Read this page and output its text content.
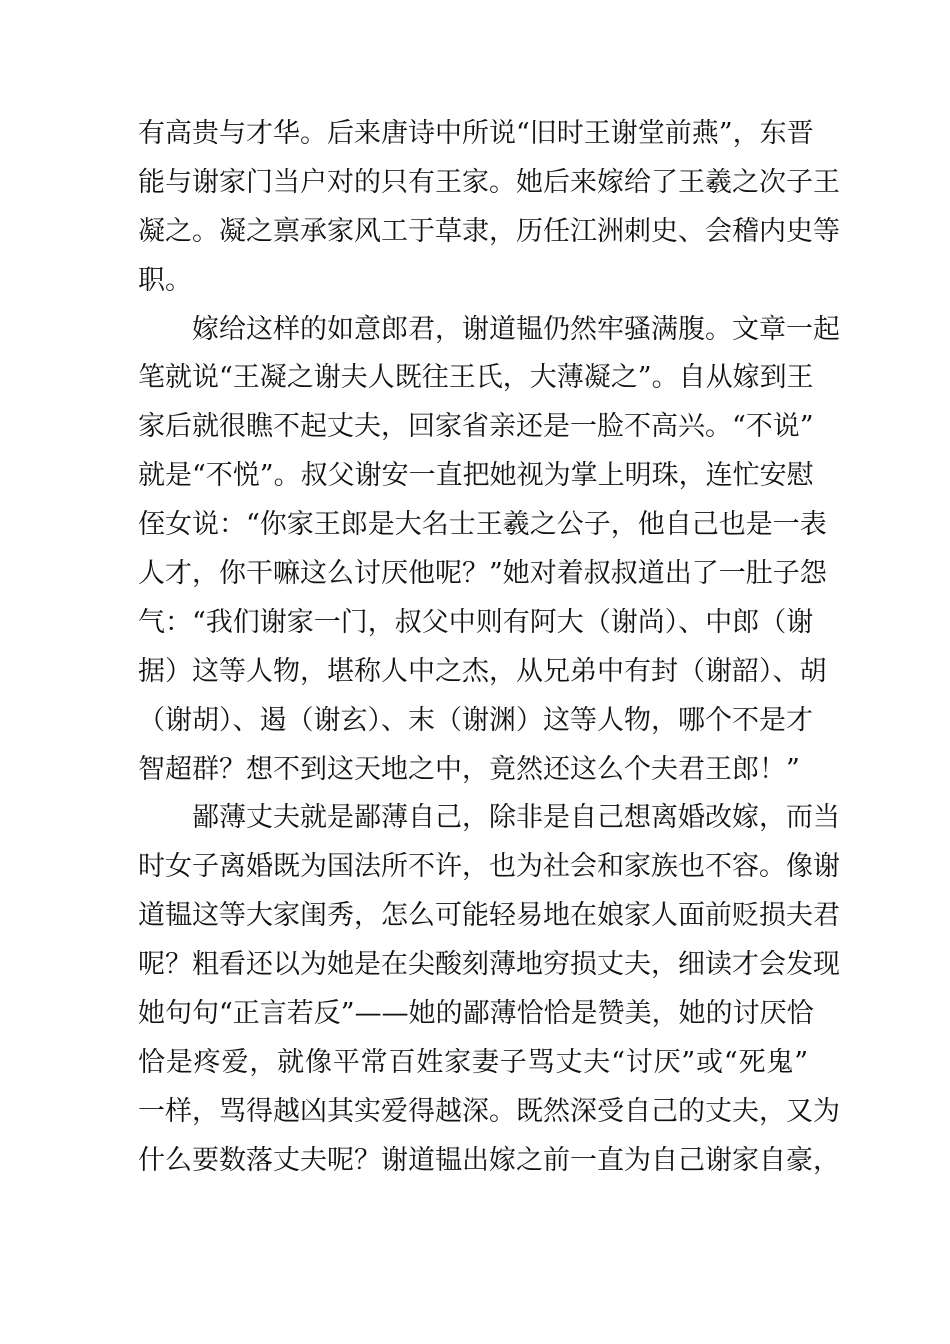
有高贵与才华。后来唐诗中所说“旧时王谢堂前燕”，东晋
能与谢家门当户对的只有王家。她后来嫁给了王羲之次子王
凝之。凝之禀承家风工于草隶，历任江洲刺史、会稽内史等
职。
嫁给这样的如意郎君，谢道韫仍然牢骚满腹。文章一起
笔就说“王凝之谢夫人既往王氏，大薄凝之”。自从嫁到王
家后就很瞧不起丈夫，回家省亲还是一脸不高兴。“不说”
就是“不悦”。叔父谢安一直把她视为掌上明珠，连忙安慰
侄女说：“你家王郎是大名士王羲之公子，他自己也是一表
人才，你干嘛这么讨厌他呢？”她对着叔叔道出了一肚子怨
气：“我们谢家一门，叔父中则有阿大（谢尚）、中郎（谢
据）这等人物，堪称人中之杰，从兄弟中有封（谢韶）、胡
（谢胡）、遏（谢玄）、末（谢渊）这等人物，哪个不是才
智超群？想不到这天地之中，竟然还这么个夫君王郎！”
鄙薄丈夫就是鄙薄自己，除非是自己想离婚改嫁，而当
时女子离婚既为国法所不许，也为社会和家族也不容。像谢
道韫这等大家闺秀，怎么可能轻易地在娘家人面前贬损夫君
呢？粗看还以为她是在尖酸刻薄地穷损丈夫，细读才会发现
她句句“正言若反”——她的鄙薄恰恰是赞美，她的讨厌恰
恰是疼爱，就像平常百姓家妻子骂丈夫“讨厌”或“死鬼”
一样，骂得越凶其实爱得越深。既然深受自己的丈夫，又为
什么要数落丈夫呢？谢道韫出嫁之前一直为自己谢家自豪，
